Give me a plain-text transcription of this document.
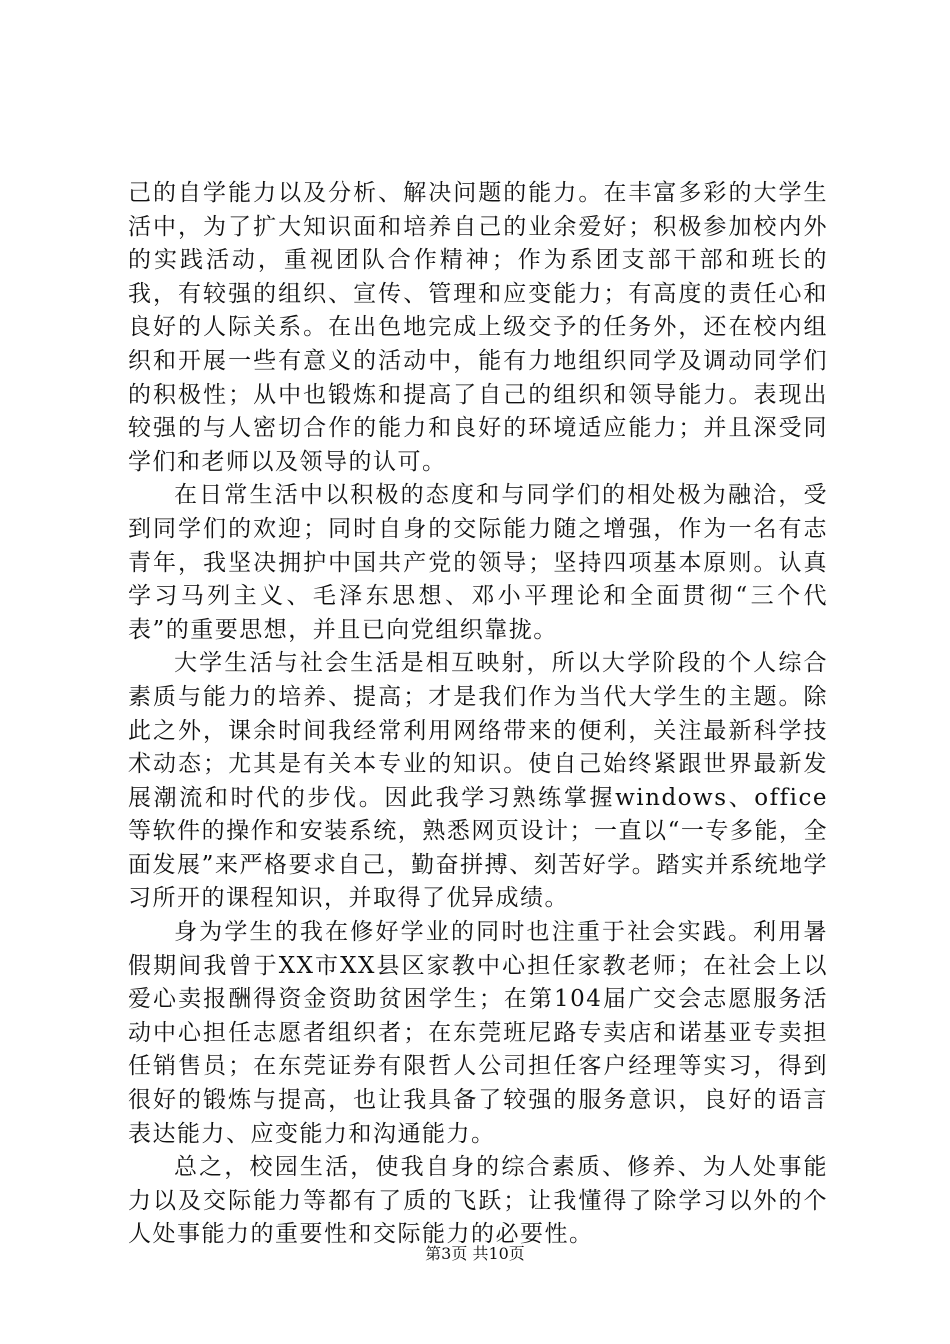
己的自学能力以及分析、解决问题的能力。在丰富多彩的大学生活中，为了扩大知识面和培养自己的业余爱好；积极参加校内外的实践活动，重视团队合作精神；作为系团支部干部和班长的我，有较强的组织、宣传、管理和应变能力；有高度的责任心和良好的人际关系。在出色地完成上级交予的任务外，还在校内组织和开展一些有意义的活动中，能有力地组织同学及调动同学们的积极性；从中也锻炼和提高了自己的组织和领导能力。表现出较强的与人密切合作的能力和良好的环境适应能力；并且深受同学们和老师以及领导的认可。

在日常生活中以积极的态度和与同学们的相处极为融洽，受到同学们的欢迎；同时自身的交际能力随之增强，作为一名有志青年，我坚决拥护中国共产党的领导；坚持四项基本原则。认真学习马列主义、毛泽东思想、邓小平理论和全面贯彻“三个代表”的重要思想，并且已向党组织靠拢。

大学生活与社会生活是相互映射，所以大学阶段的个人综合素质与能力的培养、提高；才是我们作为当代大学生的主题。除此之外，课余时间我经常利用网络带来的便利，关注最新科学技术动态；尤其是有关本专业的知识。使自己始终紧跟世界最新发展潮流和时代的步伐。因此我学习熟练掌握windows、office等软件的操作和安装系统，熟悉网页设计；一直以“一专多能，全面发展”来严格要求自己，勤奋拼搏、刻苦好学。踏实并系统地学习所开的课程知识，并取得了优异成绩。

身为学生的我在修好学业的同时也注重于社会实践。利用暑假期间我曾于XX市XX县区家教中心担任家教老师；在社会上以爱心卖报酬得资金资助贫困学生；在第104届广交会志愿服务活动中心担任志愿者组织者；在东莞班尼路专卖店和诺基亚专卖担任销售员；在东莞证券有限哲人公司担任客户经理等实习，得到很好的锻炼与提高，也让我具备了较强的服务意识，良好的语言表达能力、应变能力和沟通能力。

总之，校园生活，使我自身的综合素质、修养、为人处事能力以及交际能力等都有了质的飞跃；让我懂得了除学习以外的个人处事能力的重要性和交际能力的必要性。

第3页 共10页
